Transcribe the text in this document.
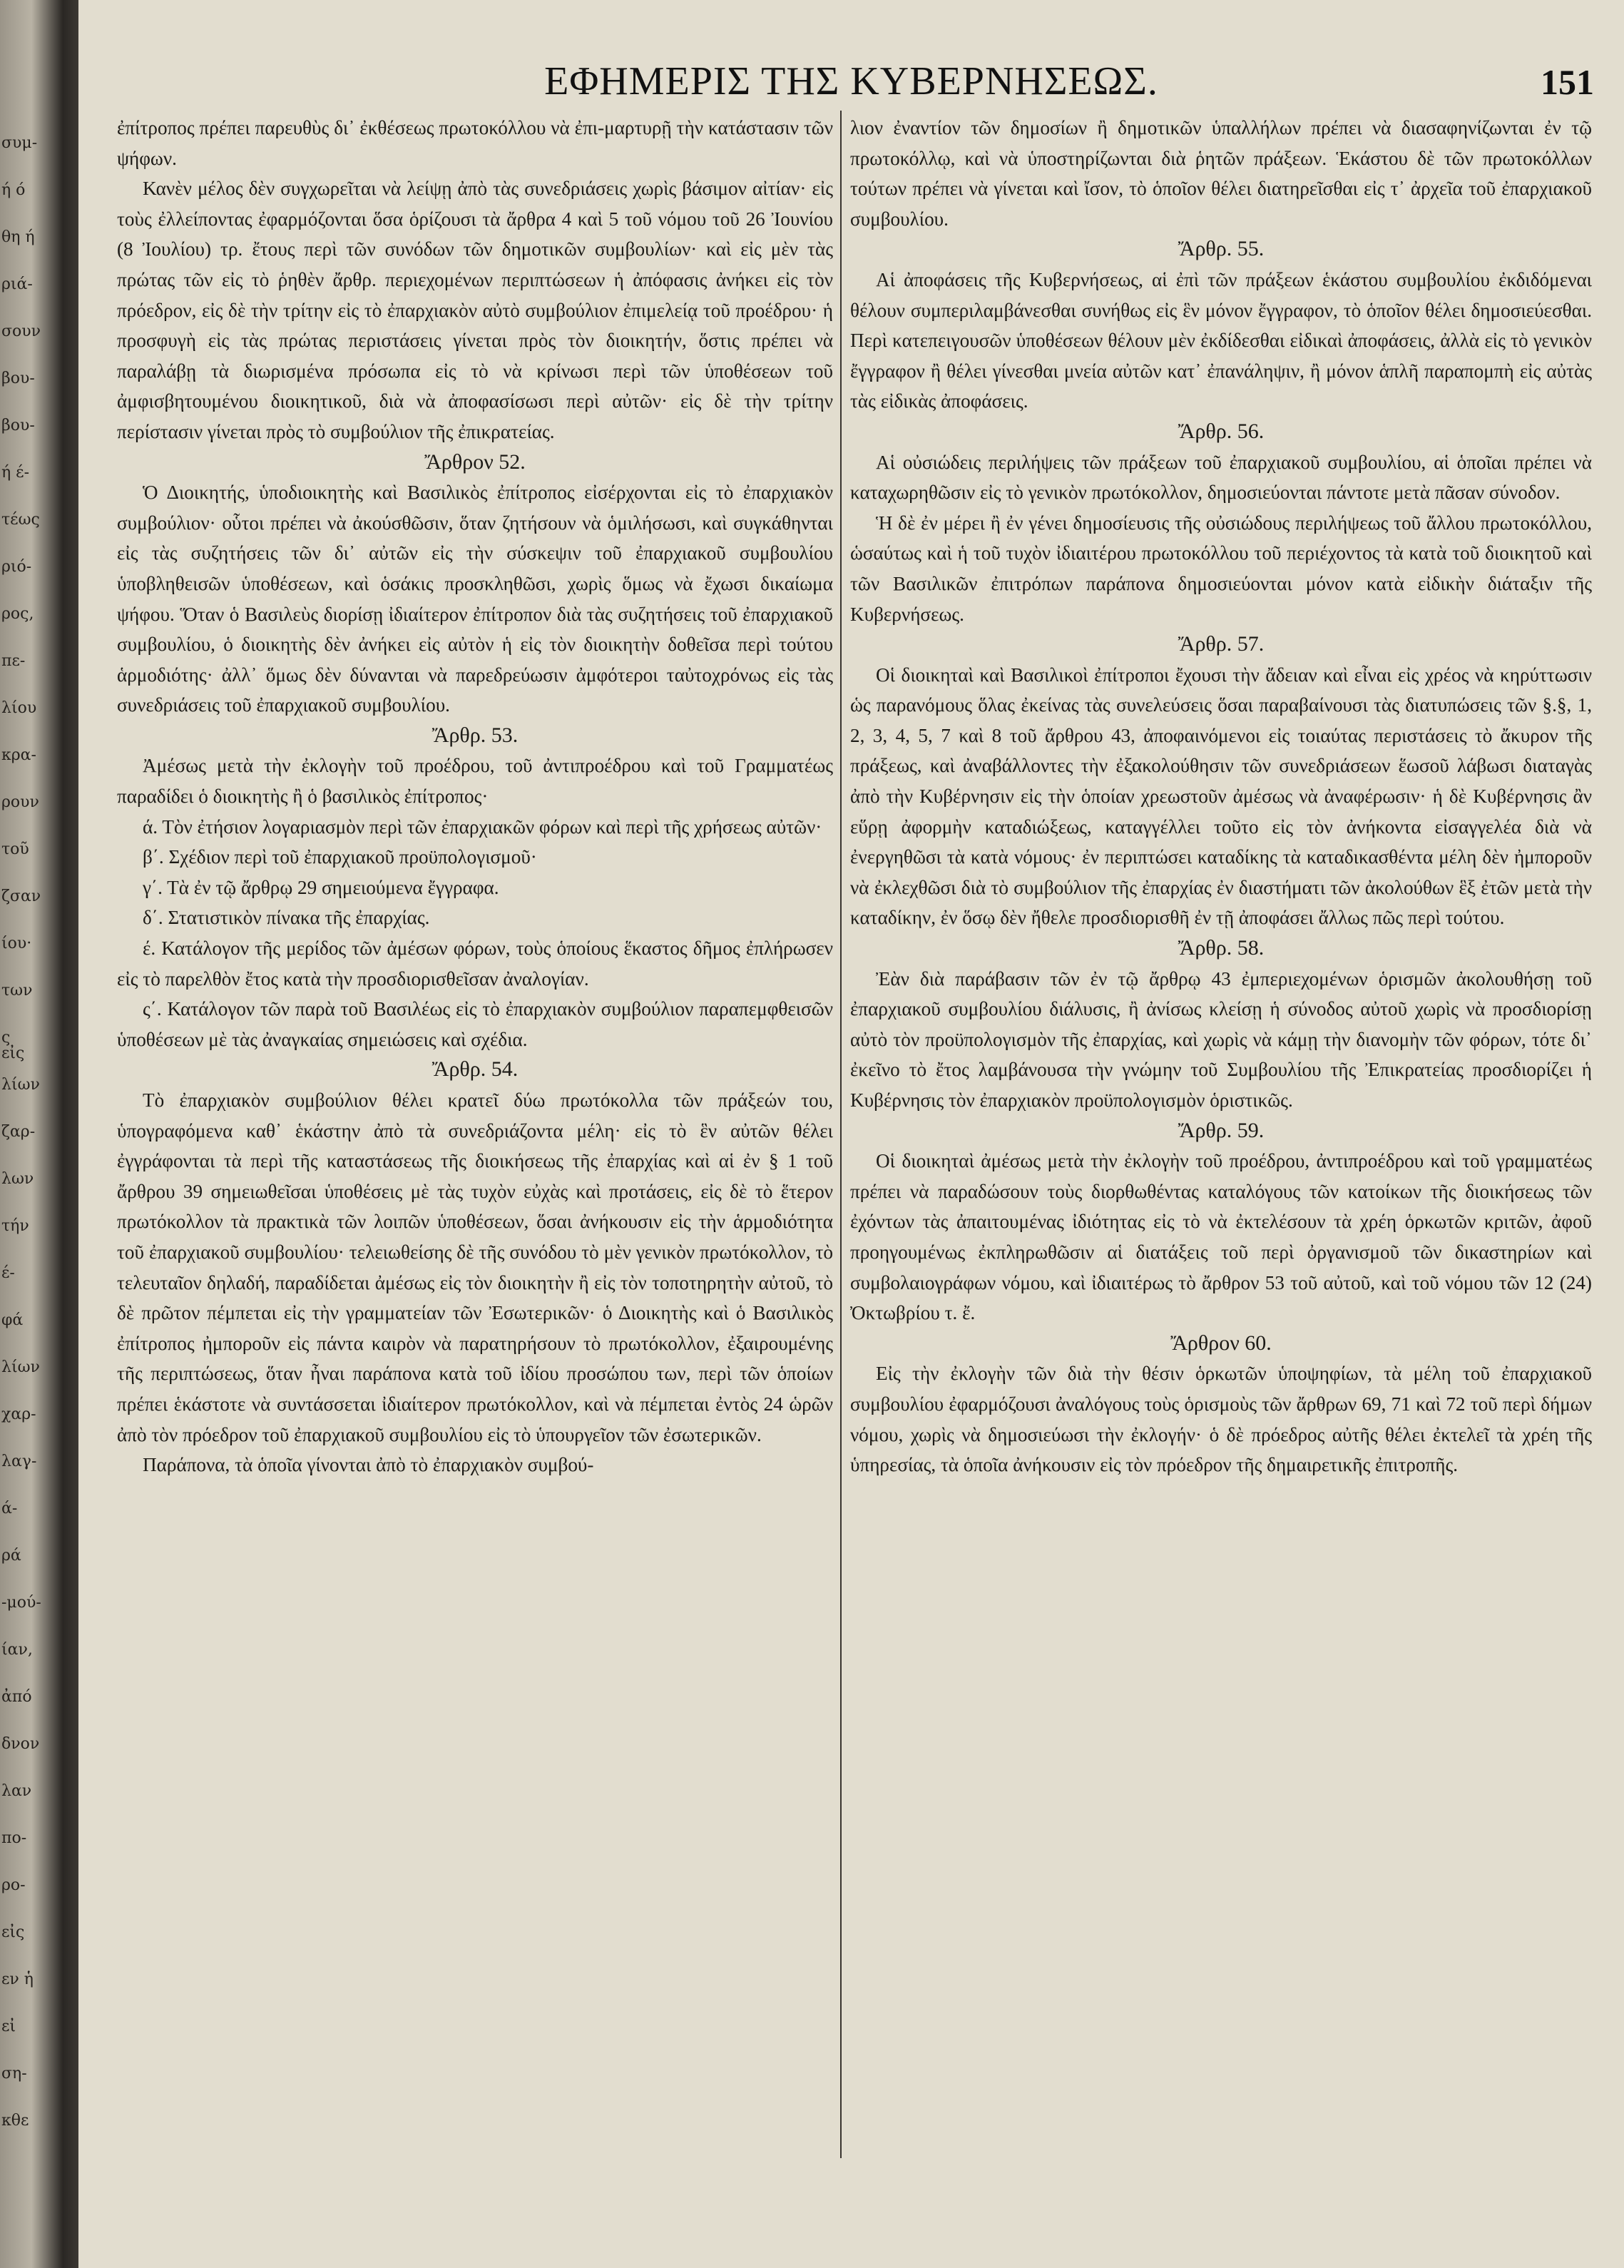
συμ-
ή ό
θη ή
ριά-
σουν
βου-
βου-
ή έ-
τέως
ριό-
ρος,
πε-
λίου
κρα-
ρουν
τοῦ
ζσαν
ίου·
των
ς εἰς
λίων
ζαρ-
λων
τήν
έ-
φά
λίων
χαρ-
λαγ-
ά-
ρά
-μού-
ίαν,
ἀπό
δνον
λαν
πο-
ρο-
εἰς
εν ἡ
εἰ
ση-
κθε
ΕΦΗΜΕΡΙΣ ΤΗΣ ΚΥΒΕΡΝΗΣΕΩΣ.	151

ἐπίτροπος πρέπει παρευθὺς δι᾽ ἐκθέσεως πρωτοκόλλου νὰ ἐπι-μαρτυρῇ τὴν κατάστασιν τῶν ψήφων.

Κανὲν μέλος δὲν συγχωρεῖται νὰ λείψῃ ἀπὸ τὰς συνεδριάσεις χωρὶς βάσιμον αἰτίαν· εἰς τοὺς ἐλλείποντας ἐφαρμόζονται ὅσα ὁρίζουσι τὰ ἄρθρα 4 καὶ 5 τοῦ νόμου τοῦ 26 Ἰουνίου (8 Ἰουλίου) τρ. ἔτους περὶ τῶν συνόδων τῶν δημοτικῶν συμβουλίων· καὶ εἰς μὲν τὰς πρώτας τῶν εἰς τὸ ῥηθὲν ἄρθρ. περιεχομένων περιπτώσεων ἡ ἀπόφασις ἀνήκει εἰς τὸν πρόεδρον, εἰς δὲ τὴν τρίτην εἰς τὸ ἐπαρχιακὸν αὐτὸ συμβούλιον ἐπιμελείᾳ τοῦ προέδρου· ἡ προσφυγὴ εἰς τὰς πρώτας περιστάσεις γίνεται πρὸς τὸν διοικητήν, ὅστις πρέπει νὰ παραλάβῃ τὰ διωρισμένα πρόσωπα εἰς τὸ νὰ κρίνωσι περὶ τῶν ὑποθέσεων τοῦ ἀμφισβητουμένου διοικητικοῦ, διὰ νὰ ἀποφασίσωσι περὶ αὐτῶν· εἰς δὲ τὴν τρίτην περίστασιν γίνεται πρὸς τὸ συμβούλιον τῆς ἐπικρατείας.

Ἄρθρον 52.

Ὁ Διοικητής, ὑποδιοικητὴς καὶ Βασιλικὸς ἐπίτροπος εἰσέρχονται εἰς τὸ ἐπαρχιακὸν συμβούλιον· οὗτοι πρέπει νὰ ἀκούσθῶσιν, ὅταν ζητήσουν νὰ ὁμιλήσωσι, καὶ συγκάθηνται εἰς τὰς συζητήσεις τῶν δι᾽ αὐτῶν εἰς τὴν σύσκεψιν τοῦ ἐπαρχιακοῦ συμβουλίου ὑποβληθεισῶν ὑποθέσεων, καὶ ὁσάκις προσκληθῶσι, χωρὶς ὅμως νὰ ἔχωσι δικαίωμα ψήφου. Ὅταν ὁ Βασιλεὺς διορίσῃ ἰδιαίτερον ἐπίτροπον διὰ τὰς συζητήσεις τοῦ ἐπαρχιακοῦ συμβουλίου, ὁ διοικητὴς δὲν ἀνήκει εἰς αὐτὸν ἡ εἰς τὸν διοικητὴν δοθεῖσα περὶ τούτου ἁρμοδιότης· ἀλλ᾽ ὅμως δὲν δύνανται νὰ παρεδρεύωσιν ἀμφότεροι ταὐτοχρόνως εἰς τὰς συνεδριάσεις τοῦ ἐπαρχιακοῦ συμβουλίου.

Ἄρθρ. 53.

Ἀμέσως μετὰ τὴν ἐκλογὴν τοῦ προέδρου, τοῦ ἀντιπροέδρου καὶ τοῦ Γραμματέως παραδίδει ὁ διοικητὴς ἢ ὁ βασιλικὸς ἐπίτροπος·

ά. Τὸν ἐτήσιον λογαριασμὸν περὶ τῶν ἐπαρχιακῶν φόρων καὶ περὶ τῆς χρήσεως αὐτῶν·

β΄. Σχέδιον περὶ τοῦ ἐπαρχιακοῦ προϋπολογισμοῦ·

γ΄. Τὰ ἐν τῷ ἄρθρῳ 29 σημειούμενα ἔγγραφα.

δ΄. Στατιστικὸν πίνακα τῆς ἐπαρχίας.

έ. Κατάλογον τῆς μερίδος τῶν ἀμέσων φόρων, τοὺς ὁποίους ἕκαστος δῆμος ἐπλήρωσεν εἰς τὸ παρελθὸν ἔτος κατὰ τὴν προσδιορισθεῖσαν ἀναλογίαν.

ς΄. Κατάλογον τῶν παρὰ τοῦ Βασιλέως εἰς τὸ ἐπαρχιακὸν συμβούλιον παραπεμφθεισῶν ὑποθέσεων μὲ τὰς ἀναγκαίας σημειώσεις καὶ σχέδια.

Ἄρθρ. 54.

Τὸ ἐπαρχιακὸν συμβούλιον θέλει κρατεῖ δύω πρωτόκολλα τῶν πράξεών του, ὑπογραφόμενα καθ᾽ ἑκάστην ἀπὸ τὰ συνεδριάζοντα μέλη· εἰς τὸ ἓν αὐτῶν θέλει ἐγγράφονται τὰ περὶ τῆς καταστάσεως τῆς διοικήσεως τῆς ἐπαρχίας καὶ αἱ ἐν § 1 τοῦ ἄρθρου 39 σημειωθεῖσαι ὑποθέσεις μὲ τὰς τυχὸν εὐχὰς καὶ προτάσεις, εἰς δὲ τὸ ἕτερον πρωτόκολλον τὰ πρακτικὰ τῶν λοιπῶν ὑποθέσεων, ὅσαι ἀνήκουσιν εἰς τὴν ἁρμοδιότητα τοῦ ἐπαρχιακοῦ συμβουλίου· τελειωθείσης δὲ τῆς συνόδου τὸ μὲν γενικὸν πρωτόκολλον, τὸ τελευταῖον δηλαδή, παραδίδεται ἀμέσως εἰς τὸν διοικητὴν ἢ εἰς τὸν τοποτηρητὴν αὐτοῦ, τὸ δὲ πρῶτον πέμπεται εἰς τὴν γραμματείαν τῶν Ἐσωτερικῶν· ὁ Διοικητὴς καὶ ὁ Βασιλικὸς ἐπίτροπος ἠμποροῦν εἰς πάντα καιρὸν νὰ παρατηρήσουν τὸ πρωτόκολλον, ἐξαιρουμένης τῆς περιπτώσεως, ὅταν ἦναι παράπονα κατὰ τοῦ ἰδίου προσώπου των, περὶ τῶν ὁποίων πρέπει ἑκάστοτε νὰ συντάσσεται ἰδιαίτερον πρωτόκολλον, καὶ νὰ πέμπεται ἐντὸς 24 ὡρῶν ἀπὸ τὸν πρόεδρον τοῦ ἐπαρχιακοῦ συμβουλίου εἰς τὸ ὑπουργεῖον τῶν ἐσωτερικῶν.

Παράπονα, τὰ ὁποῖα γίνονται ἀπὸ τὸ ἐπαρχιακὸν συμβού-

λιον ἐναντίον τῶν δημοσίων ἢ δημοτικῶν ὑπαλλήλων πρέπει νὰ διασαφηνίζωνται ἐν τῷ πρωτοκόλλῳ, καὶ νὰ ὑποστηρίζωνται διὰ ῥητῶν πράξεων. Ἑκάστου δὲ τῶν πρωτοκόλλων τούτων πρέπει νὰ γίνεται καὶ ἴσον, τὸ ὁποῖον θέλει διατηρεῖσθαι εἰς τ᾽ ἀρχεῖα τοῦ ἐπαρχιακοῦ συμβουλίου.

Ἄρθρ. 55.

Αἱ ἀποφάσεις τῆς Κυβερνήσεως, αἱ ἐπὶ τῶν πράξεων ἑκάστου συμβουλίου ἐκδιδόμεναι θέλουν συμπεριλαμβάνεσθαι συνήθως εἰς ἓν μόνον ἔγγραφον, τὸ ὁποῖον θέλει δημοσιεύεσθαι. Περὶ κατεπειγουσῶν ὑποθέσεων θέλουν μὲν ἐκδίδεσθαι εἰδικαὶ ἀποφάσεις, ἀλλὰ εἰς τὸ γενικὸν ἔγγραφον ἢ θέλει γίνεσθαι μνεία αὐτῶν κατ᾽ ἐπανάληψιν, ἢ μόνον ἁπλῆ παραπομπὴ εἰς αὐτὰς τὰς εἰδικὰς ἀποφάσεις.

Ἄρθρ. 56.

Αἱ οὐσιώδεις περιλήψεις τῶν πράξεων τοῦ ἐπαρχιακοῦ συμβουλίου, αἱ ὁποῖαι πρέπει νὰ καταχωρηθῶσιν εἰς τὸ γενικὸν πρωτόκολλον, δημοσιεύονται πάντοτε μετὰ πᾶσαν σύνοδον.

Ἡ δὲ ἐν μέρει ἢ ἐν γένει δημοσίευσις τῆς οὐσιώδους περιλήψεως τοῦ ἄλλου πρωτοκόλλου, ὡσαύτως καὶ ἡ τοῦ τυχὸν ἰδιαιτέρου πρωτοκόλλου τοῦ περιέχοντος τὰ κατὰ τοῦ διοικητοῦ καὶ τῶν Βασιλικῶν ἐπιτρόπων παράπονα δημοσιεύονται μόνον κατὰ εἰδικὴν διάταξιν τῆς Κυβερνήσεως.

Ἄρθρ. 57.

Οἱ διοικηταὶ καὶ Βασιλικοὶ ἐπίτροποι ἔχουσι τὴν ἄδειαν καὶ εἶναι εἰς χρέος νὰ κηρύττωσιν ὡς παρανόμους ὅλας ἐκείνας τὰς συνελεύσεις ὅσαι παραβαίνουσι τὰς διατυπώσεις τῶν §.§, 1, 2, 3, 4, 5, 7 καὶ 8 τοῦ ἄρθρου 43, ἀποφαινόμενοι εἰς τοιαύτας περιστάσεις τὸ ἄκυρον τῆς πράξεως, καὶ ἀναβάλλοντες τὴν ἐξακολούθησιν τῶν συνεδριάσεων ἕωσοῦ λάβωσι διαταγὰς ἀπὸ τὴν Κυβέρνησιν εἰς τὴν ὁποίαν χρεωστοῦν ἀμέσως νὰ ἀναφέρωσιν· ἡ δὲ Κυβέρνησις ἂν εὕρῃ ἀφορμὴν καταδιώξεως, καταγγέλλει τοῦτο εἰς τὸν ἀνήκοντα εἰσαγγελέα διὰ νὰ ἐνεργηθῶσι τὰ κατὰ νόμους· ἐν περιπτώσει καταδίκης τὰ καταδικασθέντα μέλη δὲν ἠμποροῦν νὰ ἐκλεχθῶσι διὰ τὸ συμβούλιον τῆς ἐπαρχίας ἐν διαστήματι τῶν ἀκολούθων ἓξ ἐτῶν μετὰ τὴν καταδίκην, ἐν ὅσῳ δὲν ἤθελε προσδιορισθῆ ἐν τῇ ἀποφάσει ἄλλως πῶς περὶ τούτου.

Ἄρθρ. 58.

Ἐὰν διὰ παράβασιν τῶν ἐν τῷ ἄρθρῳ 43 ἐμπεριεχομένων ὁρισμῶν ἀκολουθήσῃ τοῦ ἐπαρχιακοῦ συμβουλίου διάλυσις, ἢ ἀνίσως κλείσῃ ἡ σύνοδος αὐτοῦ χωρὶς νὰ προσδιορίσῃ αὐτὸ τὸν προϋπολογισμὸν τῆς ἐπαρχίας, καὶ χωρὶς νὰ κάμῃ τὴν διανομὴν τῶν φόρων, τότε δι᾽ ἐκεῖνο τὸ ἔτος λαμβάνουσα τὴν γνώμην τοῦ Συμβουλίου τῆς Ἐπικρατείας προσδιορίζει ἡ Κυβέρνησις τὸν ἐπαρχιακὸν προϋπολογισμὸν ὁριστικῶς.

Ἄρθρ. 59.

Οἱ διοικηταὶ ἀμέσως μετὰ τὴν ἐκλογὴν τοῦ προέδρου, ἀντιπροέδρου καὶ τοῦ γραμματέως πρέπει νὰ παραδώσουν τοὺς διορθωθέντας καταλόγους τῶν κατοίκων τῆς διοικήσεως τῶν ἐχόντων τὰς ἀπαιτουμένας ἰδιότητας εἰς τὸ νὰ ἐκτελέσουν τὰ χρέη ὁρκωτῶν κριτῶν, ἀφοῦ προηγουμένως ἐκπληρωθῶσιν αἱ διατάξεις τοῦ περὶ ὀργανισμοῦ τῶν δικαστηρίων καὶ συμβολαιογράφων νόμου, καὶ ἰδιαιτέρως τὸ ἄρθρον 53 τοῦ αὐτοῦ, καὶ τοῦ νόμου τῶν 12 (24) Ὀκτωβρίου τ. ἔ.

Ἄρθρον 60.

Εἰς τὴν ἐκλογὴν τῶν διὰ τὴν θέσιν ὁρκωτῶν ὑποψηφίων, τὰ μέλη τοῦ ἐπαρχιακοῦ συμβουλίου ἐφαρμόζουσι ἀναλόγους τοὺς ὁρισμοὺς τῶν ἄρθρων 69, 71 καὶ 72 τοῦ περὶ δήμων νόμου, χωρὶς νὰ δημοσιεύωσι τὴν ἐκλογήν· ὁ δὲ πρόεδρος αὐτῆς θέλει ἐκτελεῖ τὰ χρέη τῆς ὑπηρεσίας, τὰ ὁποῖα ἀνήκουσιν εἰς τὸν πρόεδρον τῆς δημαιρετικῆς ἐπιτροπῆς.
